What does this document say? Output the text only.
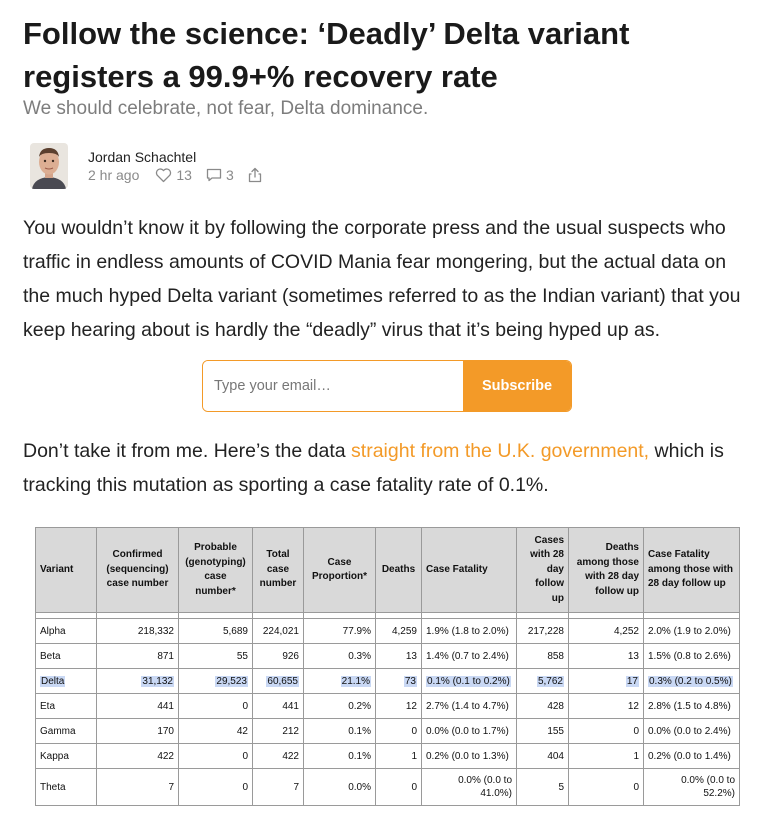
Follow the science: ‘Deadly’ Delta variant registers a 99.9+% recovery rate
We should celebrate, not fear, Delta dominance.
Jordan Schachtel
2 hr ago	13 3

You wouldn’t know it by following the corporate press and the usual suspects who traffic in endless amounts of COVID Mania fear mongering, but the actual data on the much hyped Delta variant (sometimes referred to as the Indian variant) that you keep hearing about is hardly the “deadly” virus that it’s being hyped up as.

Type your email…
Subscribe

Don’t take it from me. Here’s the data straight from the U.K. government, which is tracking this mutation as sporting a case fatality rate of 0.1%.

Variant	Confirmed (sequencing) case number	Probable (genotyping) case number*	Total case number	Case Proportion*	Deaths	Case Fatality	Cases with 28 day follow up	Deaths among those with 28 day follow up	Case Fatality among those with 28 day follow up

Alpha	218,332	5,689	224,021	77.9%	4,259	1.9% (1.8 to 2.0%)	217,228	4,252	2.0% (1.9 to 2.0%)
Beta	871	55	926	0.3%	13	1.4% (0.7 to 2.4%)	858	13	1.5% (0.8 to 2.6%)
Delta	31,132	29,523	60,655	21.1%	73	0.1% (0.1 to 0.2%)	5,762	17	0.3% (0.2 to 0.5%)
Eta	441	0	441	0.2%	12	2.7% (1.4 to 4.7%)	428	12	2.8% (1.5 to 4.8%)
Gamma	170	42	212	0.1%	0	0.0% (0.0 to 1.7%)	155	0	0.0% (0.0 to 2.4%)
Kappa	422	0	422	0.1%	1	0.2% (0.0 to 1.3%)	404	1	0.2% (0.0 to 1.4%)
Theta	7	0	7	0.0%	0	0.0% (0.0 to 41.0%)	5	0	0.0% (0.0 to 52.2%)
